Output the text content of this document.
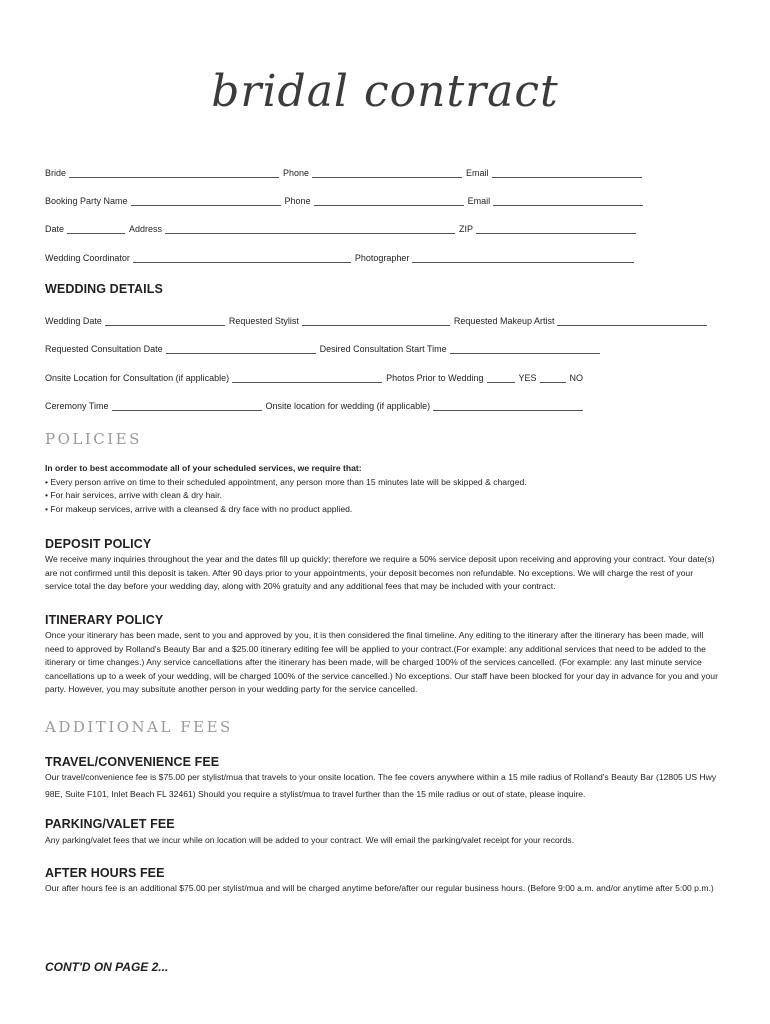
bridal contract
Bride	Phone	Email
Booking Party Name	Phone	Email
Date	Address	ZIP
Wedding Coordinator	Photographer
WEDDING DETAILS
Wedding Date	Requested Stylist	Requested Makeup Artist
Requested Consultation Date	Desired Consultation Start Time
Onsite Location for Consultation (if applicable)	Photos Prior to Wedding	YES	NO
Ceremony Time	Onsite location for wedding (if applicable)
POLICIES
In order to best accommodate all of your scheduled services, we require that:
• Every person arrive on time to their scheduled appointment, any person more than 15 minutes late will be skipped & charged.
• For hair services, arrive with clean & dry hair.
• For makeup services, arrive with a cleansed & dry face with no product applied.
DEPOSIT POLICY
We receive many inquiries throughout the year and the dates fill up quickly; therefore we require a 50% service deposit upon receiving and approving your contract. Your date(s)
are not confirmed until this deposit is taken. After 90 days prior to your appointments, your deposit becomes non refundable. No exceptions. We will charge the rest of your
service total the day before your wedding day, along with 20% gratuity and any additional fees that may be included with your contract.
ITINERARY POLICY
Once your itinerary has been made, sent to you and approved by you, it is then considered the final timeline. Any editing to the itinerary after the itinerary has been made, will
need to approved by Rolland's Beauty Bar and a $25.00 itinerary editing fee will be applied to your contract.(For example: any additional services that need to be added to the
itinerary or time changes.) Any service cancellations after the itinerary has been made, will be charged 100% of the services cancelled. (For example: any last minute service
cancellations up to a week of your wedding, will be charged 100% of the service cancelled.) No exceptions. Our staff have been blocked for your day in advance for you and your
party. However, you may subsitute another person in your wedding party for the service cancelled.
ADDITIONAL FEES
TRAVEL/CONVENIENCE FEE
Our travel/convenience fee is $75.00 per stylist/mua that travels to your onsite location. The fee covers anywhere within a 15 mile radius of Rolland's Beauty Bar (12805 US Hwy
98E, Suite F101, Inlet Beach FL 32461) Should you require a stylist/mua to travel further than the 15 mile radius or out of state, please inquire.
PARKING/VALET FEE
Any parking/valet fees that we incur while on location will be added to your contract. We will email the parking/valet receipt for your records.
AFTER HOURS FEE
Our after hours fee is an additional $75.00 per stylist/mua and will be charged anytime before/after our regular business hours. (Before 9:00 a.m. and/or anytime after 5:00 p.m.)
CONT'D ON PAGE 2...
